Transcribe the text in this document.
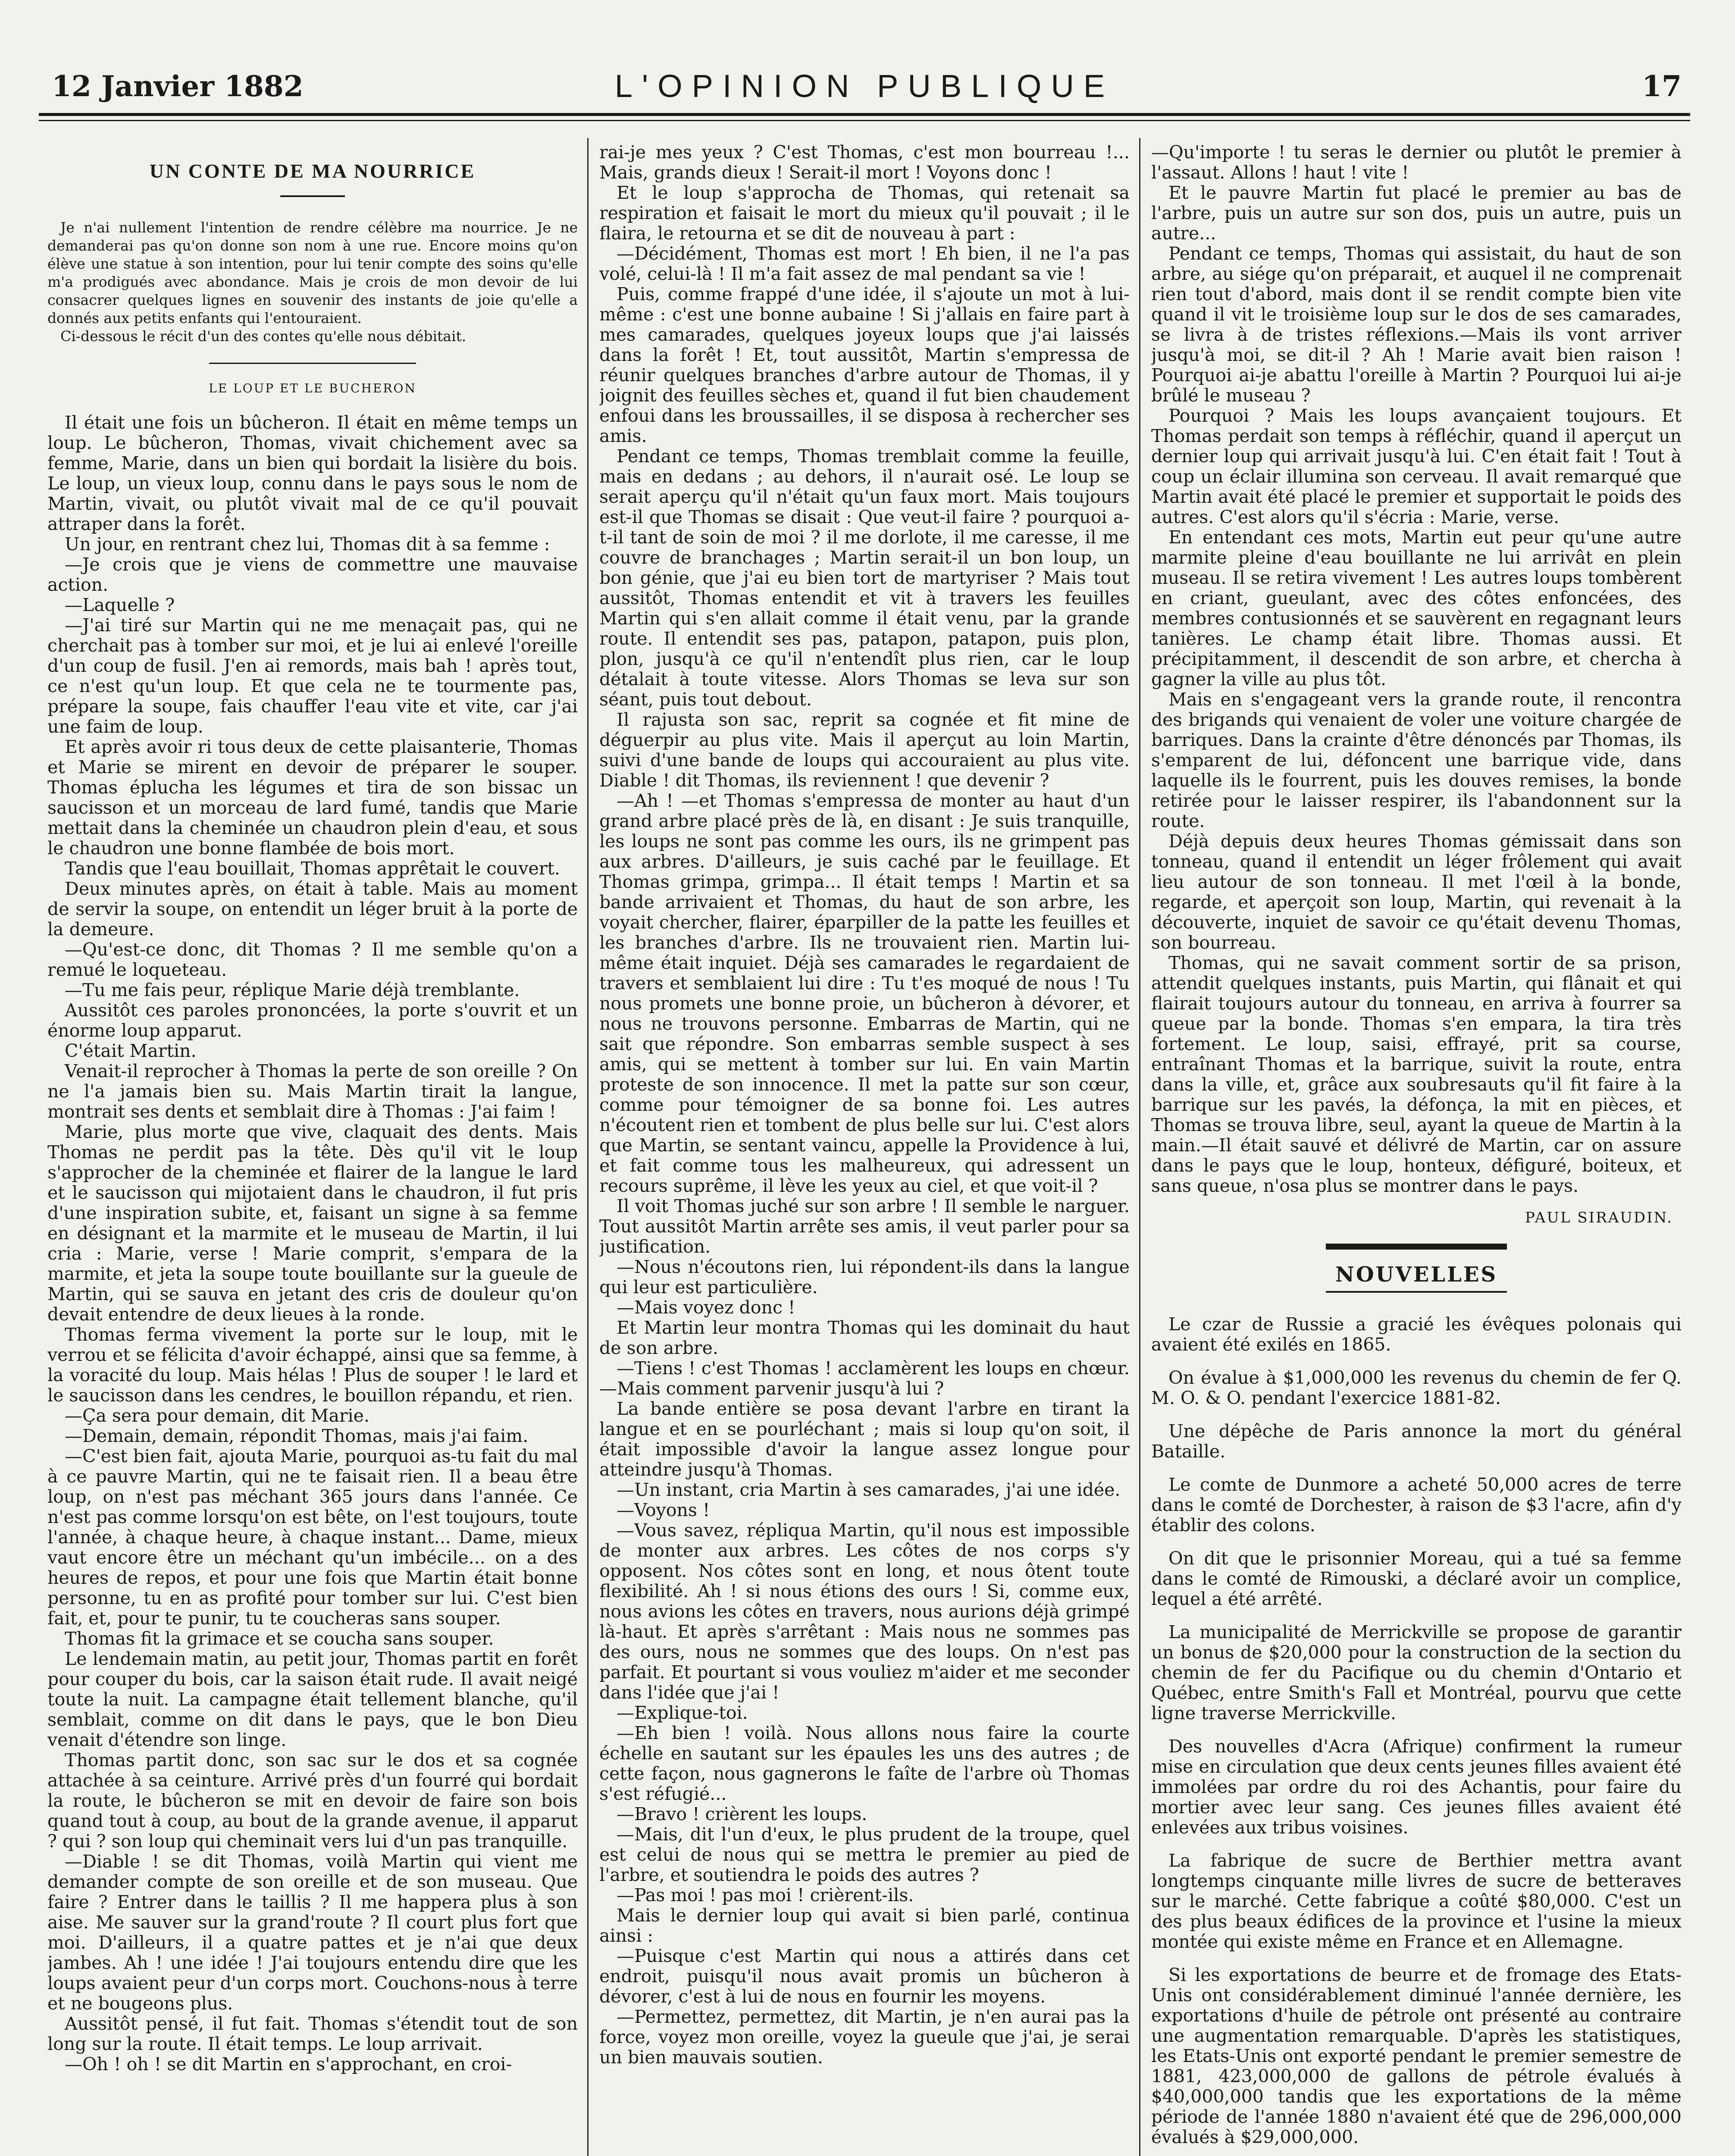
12 Janvier 1882	L'OPINION PUBLIQUE	17
UN CONTE DE MA NOURRICE

Je n'ai nullement l'intention de rendre célèbre ma nourrice. Je ne demanderai pas qu'on donne son nom à une rue. Encore moins qu'on élève une statue à son intention, pour lui tenir compte des soins qu'elle m'a prodigués avec abondance. Mais je crois de mon devoir de lui consacrer quelques lignes en souvenir des instants de joie qu'elle a donnés aux petits enfants qui l'entouraient.

Ci-dessous le récit d'un des contes qu'elle nous débitait.

LE LOUP ET LE BUCHERON

Il était une fois un bûcheron. Il était en même temps un loup. Le bûcheron, Thomas, vivait chichement avec sa femme, Marie, dans un bien qui bordait la lisière du bois. Le loup, un vieux loup, connu dans le pays sous le nom de Martin, vivait, ou plutôt vivait mal de ce qu'il pouvait attraper dans la forêt.

Un jour, en rentrant chez lui, Thomas dit à sa femme :

—Je crois que je viens de commettre une mauvaise action.

—Laquelle ?

—J'ai tiré sur Martin qui ne me menaçait pas, qui ne cherchait pas à tomber sur moi, et je lui ai enlevé l'oreille d'un coup de fusil. J'en ai remords, mais bah ! après tout, ce n'est qu'un loup. Et que cela ne te tourmente pas, prépare la soupe, fais chauffer l'eau vite et vite, car j'ai une faim de loup.

Et après avoir ri tous deux de cette plaisanterie, Thomas et Marie se mirent en devoir de préparer le souper. Thomas éplucha les légumes et tira de son bissac un saucisson et un morceau de lard fumé, tandis que Marie mettait dans la cheminée un chaudron plein d'eau, et sous le chaudron une bonne flambée de bois mort.

Tandis que l'eau bouillait, Thomas apprêtait le couvert.

Deux minutes après, on était à table. Mais au moment de servir la soupe, on entendit un léger bruit à la porte de la demeure.

—Qu'est-ce donc, dit Thomas ? Il me semble qu'on a remué le loqueteau.

—Tu me fais peur, réplique Marie déjà tremblante.

Aussitôt ces paroles prononcées, la porte s'ouvrit et un énorme loup apparut.

C'était Martin.

Venait-il reprocher à Thomas la perte de son oreille ? On ne l'a jamais bien su. Mais Martin tirait la langue, montrait ses dents et semblait dire à Thomas : J'ai faim !

Marie, plus morte que vive, claquait des dents. Mais Thomas ne perdit pas la tête. Dès qu'il vit le loup s'approcher de la cheminée et flairer de la langue le lard et le saucisson qui mijotaient dans le chaudron, il fut pris d'une inspiration subite, et, faisant un signe à sa femme en désignant et la marmite et le museau de Martin, il lui cria : Marie, verse ! Marie comprit, s'empara de la marmite, et jeta la soupe toute bouillante sur la gueule de Martin, qui se sauva en jetant des cris de douleur qu'on devait entendre de deux lieues à la ronde.

Thomas ferma vivement la porte sur le loup, mit le verrou et se félicita d'avoir échappé, ainsi que sa femme, à la voracité du loup. Mais hélas ! Plus de souper ! le lard et le saucisson dans les cendres, le bouillon répandu, et rien.

—Ça sera pour demain, dit Marie.

—Demain, demain, répondit Thomas, mais j'ai faim.

—C'est bien fait, ajouta Marie, pourquoi as-tu fait du mal à ce pauvre Martin, qui ne te faisait rien. Il a beau être loup, on n'est pas méchant 365 jours dans l'année. Ce n'est pas comme lorsqu'on est bête, on l'est toujours, toute l'année, à chaque heure, à chaque instant... Dame, mieux vaut encore être un méchant qu'un imbécile... on a des heures de repos, et pour une fois que Martin était bonne personne, tu en as profité pour tomber sur lui. C'est bien fait, et, pour te punir, tu te coucheras sans souper.

Thomas fit la grimace et se coucha sans souper.

Le lendemain matin, au petit jour, Thomas partit en forêt pour couper du bois, car la saison était rude. Il avait neigé toute la nuit. La campagne était tellement blanche, qu'il semblait, comme on dit dans le pays, que le bon Dieu venait d'étendre son linge.

Thomas partit donc, son sac sur le dos et sa cognée attachée à sa ceinture. Arrivé près d'un fourré qui bordait la route, le bûcheron se mit en devoir de faire son bois quand tout à coup, au bout de la grande avenue, il apparut ? qui ? son loup qui cheminait vers lui d'un pas tranquille.

—Diable ! se dit Thomas, voilà Martin qui vient me demander compte de son oreille et de son museau. Que faire ? Entrer dans le taillis ? Il me happera plus à son aise. Me sauver sur la grand'route ? Il court plus fort que moi. D'ailleurs, il a quatre pattes et je n'ai que deux jambes. Ah ! une idée ! J'ai toujours entendu dire que les loups avaient peur d'un corps mort. Couchons-nous à terre et ne bougeons plus.

Aussitôt pensé, il fut fait. Thomas s'étendit tout de son long sur la route. Il était temps. Le loup arrivait.

—Oh ! oh ! se dit Martin en s'approchant, en croi-

rai-je mes yeux ? C'est Thomas, c'est mon bourreau !... Mais, grands dieux ! Serait-il mort ! Voyons donc !

Et le loup s'approcha de Thomas, qui retenait sa respiration et faisait le mort du mieux qu'il pouvait ; il le flaira, le retourna et se dit de nouveau à part :

—Décidément, Thomas est mort ! Eh bien, il ne l'a pas volé, celui-là ! Il m'a fait assez de mal pendant sa vie !

Puis, comme frappé d'une idée, il s'ajoute un mot à lui-même : c'est une bonne aubaine ! Si j'allais en faire part à mes camarades, quelques joyeux loups que j'ai laissés dans la forêt ! Et, tout aussitôt, Martin s'empressa de réunir quelques branches d'arbre autour de Thomas, il y joignit des feuilles sèches et, quand il fut bien chaudement enfoui dans les broussailles, il se disposa à rechercher ses amis.

Pendant ce temps, Thomas tremblait comme la feuille, mais en dedans ; au dehors, il n'aurait osé. Le loup se serait aperçu qu'il n'était qu'un faux mort. Mais toujours est-il que Thomas se disait : Que veut-il faire ? pourquoi a-t-il tant de soin de moi ? il me dorlote, il me caresse, il me couvre de branchages ; Martin serait-il un bon loup, un bon génie, que j'ai eu bien tort de martyriser ? Mais tout aussitôt, Thomas entendit et vit à travers les feuilles Martin qui s'en allait comme il était venu, par la grande route. Il entendit ses pas, patapon, patapon, puis plon, plon, jusqu'à ce qu'il n'entendît plus rien, car le loup détalait à toute vitesse. Alors Thomas se leva sur son séant, puis tout debout.

Il rajusta son sac, reprit sa cognée et fit mine de déguerpir au plus vite. Mais il aperçut au loin Martin, suivi d'une bande de loups qui accouraient au plus vite. Diable ! dit Thomas, ils reviennent ! que devenir ?

—Ah ! —et Thomas s'empressa de monter au haut d'un grand arbre placé près de là, en disant : Je suis tranquille, les loups ne sont pas comme les ours, ils ne grimpent pas aux arbres. D'ailleurs, je suis caché par le feuillage. Et Thomas grimpa, grimpa... Il était temps ! Martin et sa bande arrivaient et Thomas, du haut de son arbre, les voyait chercher, flairer, éparpiller de la patte les feuilles et les branches d'arbre. Ils ne trouvaient rien. Martin lui-même était inquiet. Déjà ses camarades le regardaient de travers et semblaient lui dire : Tu t'es moqué de nous ! Tu nous promets une bonne proie, un bûcheron à dévorer, et nous ne trouvons personne. Embarras de Martin, qui ne sait que répondre. Son embarras semble suspect à ses amis, qui se mettent à tomber sur lui. En vain Martin proteste de son innocence. Il met la patte sur son cœur, comme pour témoigner de sa bonne foi. Les autres n'écoutent rien et tombent de plus belle sur lui. C'est alors que Martin, se sentant vaincu, appelle la Providence à lui, et fait comme tous les malheureux, qui adressent un recours suprême, il lève les yeux au ciel, et que voit-il ?

Il voit Thomas juché sur son arbre ! Il semble le narguer. Tout aussitôt Martin arrête ses amis, il veut parler pour sa justification.

—Nous n'écoutons rien, lui répondent-ils dans la langue qui leur est particulière.

—Mais voyez donc !

Et Martin leur montra Thomas qui les dominait du haut de son arbre.

—Tiens ! c'est Thomas ! acclamèrent les loups en chœur.—Mais comment parvenir jusqu'à lui ?

La bande entière se posa devant l'arbre en tirant la langue et en se pourléchant ; mais si loup qu'on soit, il était impossible d'avoir la langue assez longue pour atteindre jusqu'à Thomas.

—Un instant, cria Martin à ses camarades, j'ai une idée.

—Voyons !

—Vous savez, répliqua Martin, qu'il nous est impossible de monter aux arbres. Les côtes de nos corps s'y opposent. Nos côtes sont en long, et nous ôtent toute flexibilité. Ah ! si nous étions des ours ! Si, comme eux, nous avions les côtes en travers, nous aurions déjà grimpé là-haut. Et après s'arrêtant : Mais nous ne sommes pas des ours, nous ne sommes que des loups. On n'est pas parfait. Et pourtant si vous vouliez m'aider et me seconder dans l'idée que j'ai !

—Explique-toi.

—Eh bien ! voilà. Nous allons nous faire la courte échelle en sautant sur les épaules les uns des autres ; de cette façon, nous gagnerons le faîte de l'arbre où Thomas s'est réfugié...

—Bravo ! crièrent les loups.

—Mais, dit l'un d'eux, le plus prudent de la troupe, quel est celui de nous qui se mettra le premier au pied de l'arbre, et soutiendra le poids des autres ?

—Pas moi ! pas moi ! crièrent-ils.

Mais le dernier loup qui avait si bien parlé, continua ainsi :

—Puisque c'est Martin qui nous a attirés dans cet endroit, puisqu'il nous avait promis un bûcheron à dévorer, c'est à lui de nous en fournir les moyens.

—Permettez, permettez, dit Martin, je n'en aurai pas la force, voyez mon oreille, voyez la gueule que j'ai, je serai un bien mauvais soutien.

—Qu'importe ! tu seras le dernier ou plutôt le premier à l'assaut. Allons ! haut ! vite !

Et le pauvre Martin fut placé le premier au bas de l'arbre, puis un autre sur son dos, puis un autre, puis un autre...

Pendant ce temps, Thomas qui assistait, du haut de son arbre, au siége qu'on préparait, et auquel il ne comprenait rien tout d'abord, mais dont il se rendit compte bien vite quand il vit le troisième loup sur le dos de ses camarades, se livra à de tristes réflexions.—Mais ils vont arriver jusqu'à moi, se dit-il ? Ah ! Marie avait bien raison ! Pourquoi ai-je abattu l'oreille à Martin ? Pourquoi lui ai-je brûlé le museau ?

Pourquoi ? Mais les loups avançaient toujours. Et Thomas perdait son temps à réfléchir, quand il aperçut un dernier loup qui arrivait jusqu'à lui. C'en était fait ! Tout à coup un éclair illumina son cerveau. Il avait remarqué que Martin avait été placé le premier et supportait le poids des autres. C'est alors qu'il s'écria : Marie, verse.

En entendant ces mots, Martin eut peur qu'une autre marmite pleine d'eau bouillante ne lui arrivât en plein museau. Il se retira vivement ! Les autres loups tombèrent en criant, gueulant, avec des côtes enfoncées, des membres contusionnés et se sauvèrent en regagnant leurs tanières. Le champ était libre. Thomas aussi. Et précipitamment, il descendit de son arbre, et chercha à gagner la ville au plus tôt.

Mais en s'engageant vers la grande route, il rencontra des brigands qui venaient de voler une voiture chargée de barriques. Dans la crainte d'être dénoncés par Thomas, ils s'emparent de lui, défoncent une barrique vide, dans laquelle ils le fourrent, puis les douves remises, la bonde retirée pour le laisser respirer, ils l'abandonnent sur la route.

Déjà depuis deux heures Thomas gémissait dans son tonneau, quand il entendit un léger frôlement qui avait lieu autour de son tonneau. Il met l'œil à la bonde, regarde, et aperçoit son loup, Martin, qui revenait à la découverte, inquiet de savoir ce qu'était devenu Thomas, son bourreau.

Thomas, qui ne savait comment sortir de sa prison, attendit quelques instants, puis Martin, qui flânait et qui flairait toujours autour du tonneau, en arriva à fourrer sa queue par la bonde. Thomas s'en empara, la tira très fortement. Le loup, saisi, effrayé, prit sa course, entraînant Thomas et la barrique, suivit la route, entra dans la ville, et, grâce aux soubresauts qu'il fit faire à la barrique sur les pavés, la défonça, la mit en pièces, et Thomas se trouva libre, seul, ayant la queue de Martin à la main.—Il était sauvé et délivré de Martin, car on assure dans le pays que le loup, honteux, défiguré, boiteux, et sans queue, n'osa plus se montrer dans le pays.

PAUL SIRAUDIN.
NOUVELLES

Le czar de Russie a gracié les évêques polonais qui avaient été exilés en 1865.

On évalue à $1,000,000 les revenus du chemin de fer Q. M. O. & O. pendant l'exercice 1881-82.

Une dépêche de Paris annonce la mort du général Bataille.

Le comte de Dunmore a acheté 50,000 acres de terre dans le comté de Dorchester, à raison de $3 l'acre, afin d'y établir des colons.

On dit que le prisonnier Moreau, qui a tué sa femme dans le comté de Rimouski, a déclaré avoir un complice, lequel a été arrêté.

La municipalité de Merrickville se propose de garantir un bonus de $20,000 pour la construction de la section du chemin de fer du Pacifique ou du chemin d'Ontario et Québec, entre Smith's Fall et Montréal, pourvu que cette ligne traverse Merrickville.

Des nouvelles d'Acra (Afrique) confirment la rumeur mise en circulation que deux cents jeunes filles avaient été immolées par ordre du roi des Achantis, pour faire du mortier avec leur sang. Ces jeunes filles avaient été enlevées aux tribus voisines.

La fabrique de sucre de Berthier mettra avant longtemps cinquante mille livres de sucre de betteraves sur le marché. Cette fabrique a coûté $80,000. C'est un des plus beaux édifices de la province et l'usine la mieux montée qui existe même en France et en Allemagne.

Si les exportations de beurre et de fromage des Etats-Unis ont considérablement diminué l'année dernière, les exportations d'huile de pétrole ont présenté au contraire une augmentation remarquable. D'après les statistiques, les Etats-Unis ont exporté pendant le premier semestre de 1881, 423,000,000 de gallons de pétrole évalués à $40,000,000 tandis que les exportations de la même période de l'année 1880 n'avaient été que de 296,000,000 évalués à $29,000,000.
